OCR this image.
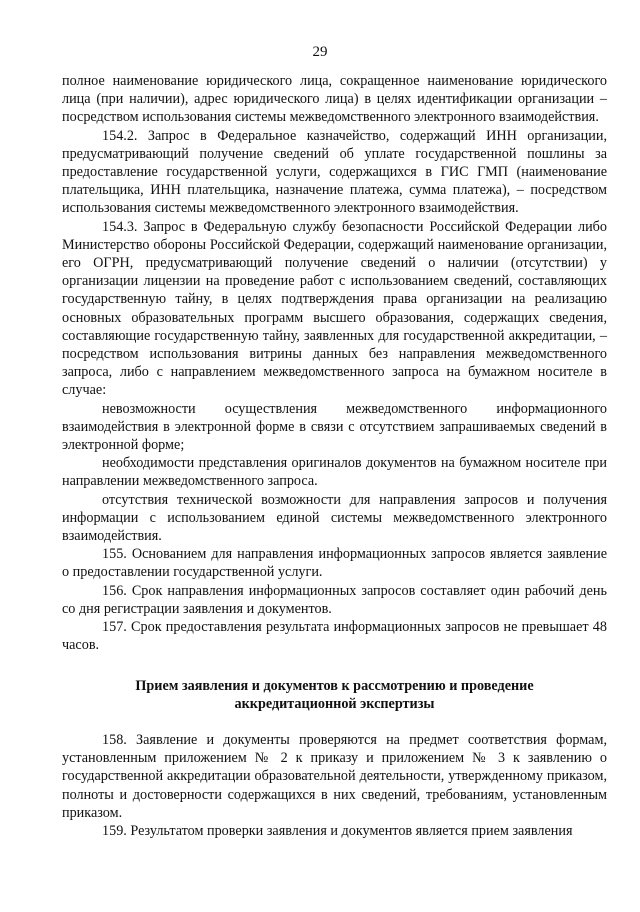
29

полное наименование юридического лица, сокращенное наименование юридического лица (при наличии), адрес юридического лица) в целях идентификации организации – посредством использования системы межведомственного электронного взаимодействия.

154.2. Запрос в Федеральное казначейство, содержащий ИНН организации, предусматривающий получение сведений об уплате государственной пошлины за предоставление государственной услуги, содержащихся в ГИС ГМП (наименование плательщика, ИНН плательщика, назначение платежа, сумма платежа), – посредством использования системы межведомственного электронного взаимодействия.

154.3. Запрос в Федеральную службу безопасности Российской Федерации либо Министерство обороны Российской Федерации, содержащий наименование организации, его ОГРН, предусматривающий получение сведений о наличии (отсутствии) у организации лицензии на проведение работ с использованием сведений, составляющих государственную тайну, в целях подтверждения права организации на реализацию основных образовательных программ высшего образования, содержащих сведения, составляющие государственную тайну, заявленных для государственной аккредитации, – посредством использования витрины данных без направления межведомственного запроса, либо с направлением межведомственного запроса на бумажном носителе в случае:

невозможности осуществления межведомственного информационного взаимодействия в электронной форме в связи с отсутствием запрашиваемых сведений в электронной форме;

необходимости представления оригиналов документов на бумажном носителе при направлении межведомственного запроса.

отсутствия технической возможности для направления запросов и получения информации с использованием единой системы межведомственного электронного взаимодействия.

155. Основанием для направления информационных запросов является заявление о предоставлении государственной услуги.

156. Срок направления информационных запросов составляет один рабочий день со дня регистрации заявления и документов.

157. Срок предоставления результата информационных запросов не превышает 48 часов.

Прием заявления и документов к рассмотрению и проведение
аккредитационной экспертизы

158. Заявление и документы проверяются на предмет соответствия формам, установленным приложением № 2 к приказу и приложением № 3 к заявлению о государственной аккредитации образовательной деятельности, утвержденному приказом, полноты и достоверности содержащихся в них сведений, требованиям, установленным приказом.

159. Результатом проверки заявления и документов является прием заявления
